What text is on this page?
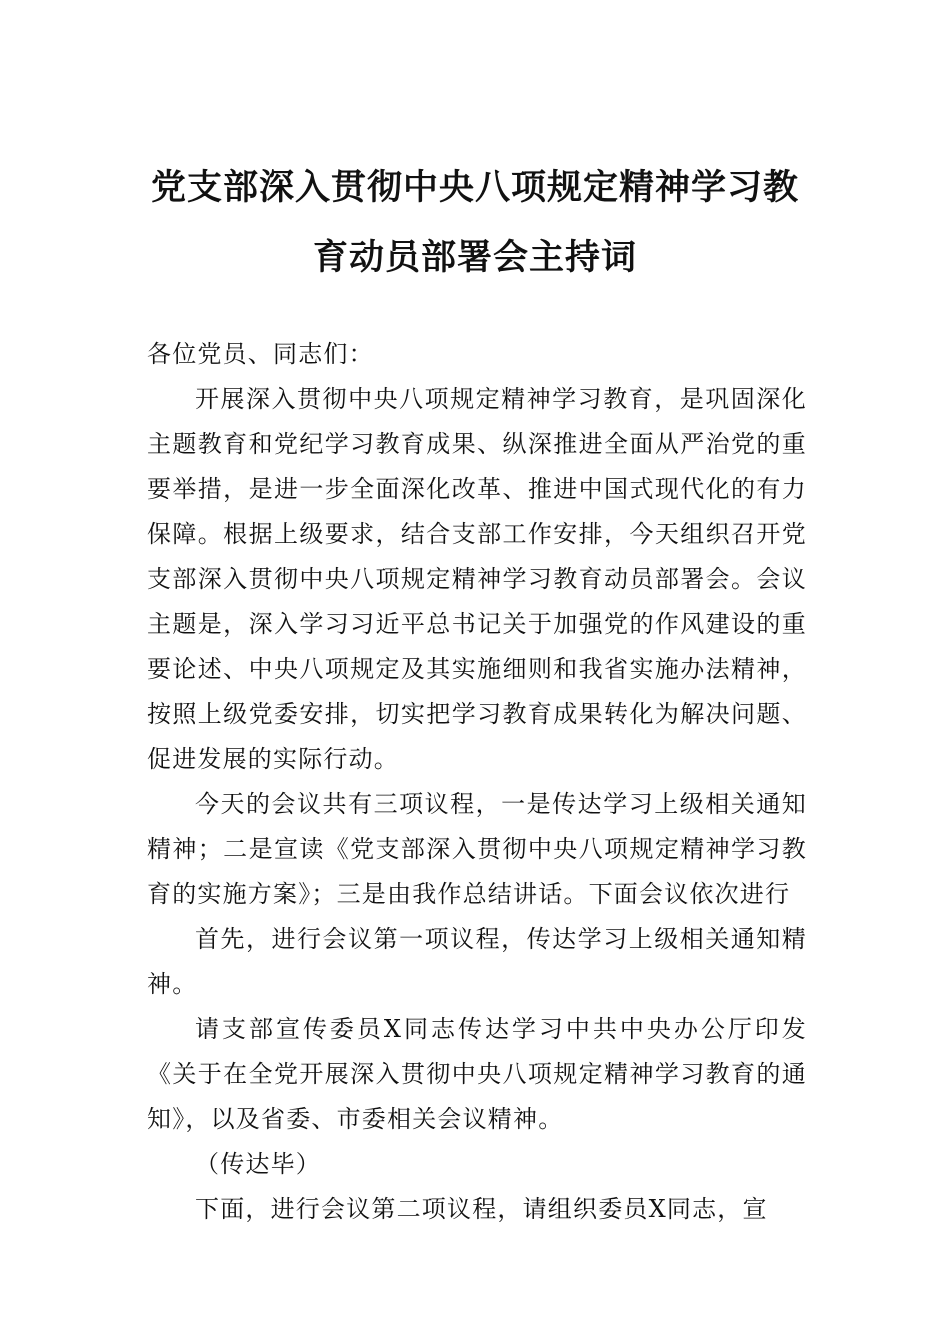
党支部深入贯彻中央八项规定精神学习教
育动员部署会主持词

各位党员、同志们：

开展深入贯彻中央八项规定精神学习教育，是巩固深化主题教育和党纪学习教育成果、纵深推进全面从严治党的重要举措，是进一步全面深化改革、推进中国式现代化的有力保障。根据上级要求，结合支部工作安排，今天组织召开党支部深入贯彻中央八项规定精神学习教育动员部署会。会议主题是，深入学习习近平总书记关于加强党的作风建设的重要论述、中央八项规定及其实施细则和我省实施办法精神，按照上级党委安排，切实把学习教育成果转化为解决问题、促进发展的实际行动。

今天的会议共有三项议程，一是传达学习上级相关通知精神；二是宣读《党支部深入贯彻中央八项规定精神学习教育的实施方案》；三是由我作总结讲话。下面会议依次进行

首先，进行会议第一项议程，传达学习上级相关通知精神。

请支部宣传委员X同志传达学习中共中央办公厅印发《关于在全党开展深入贯彻中央八项规定精神学习教育的通知》，以及省委、市委相关会议精神。

（传达毕）

下面，进行会议第二项议程，请组织委员X同志，宣
